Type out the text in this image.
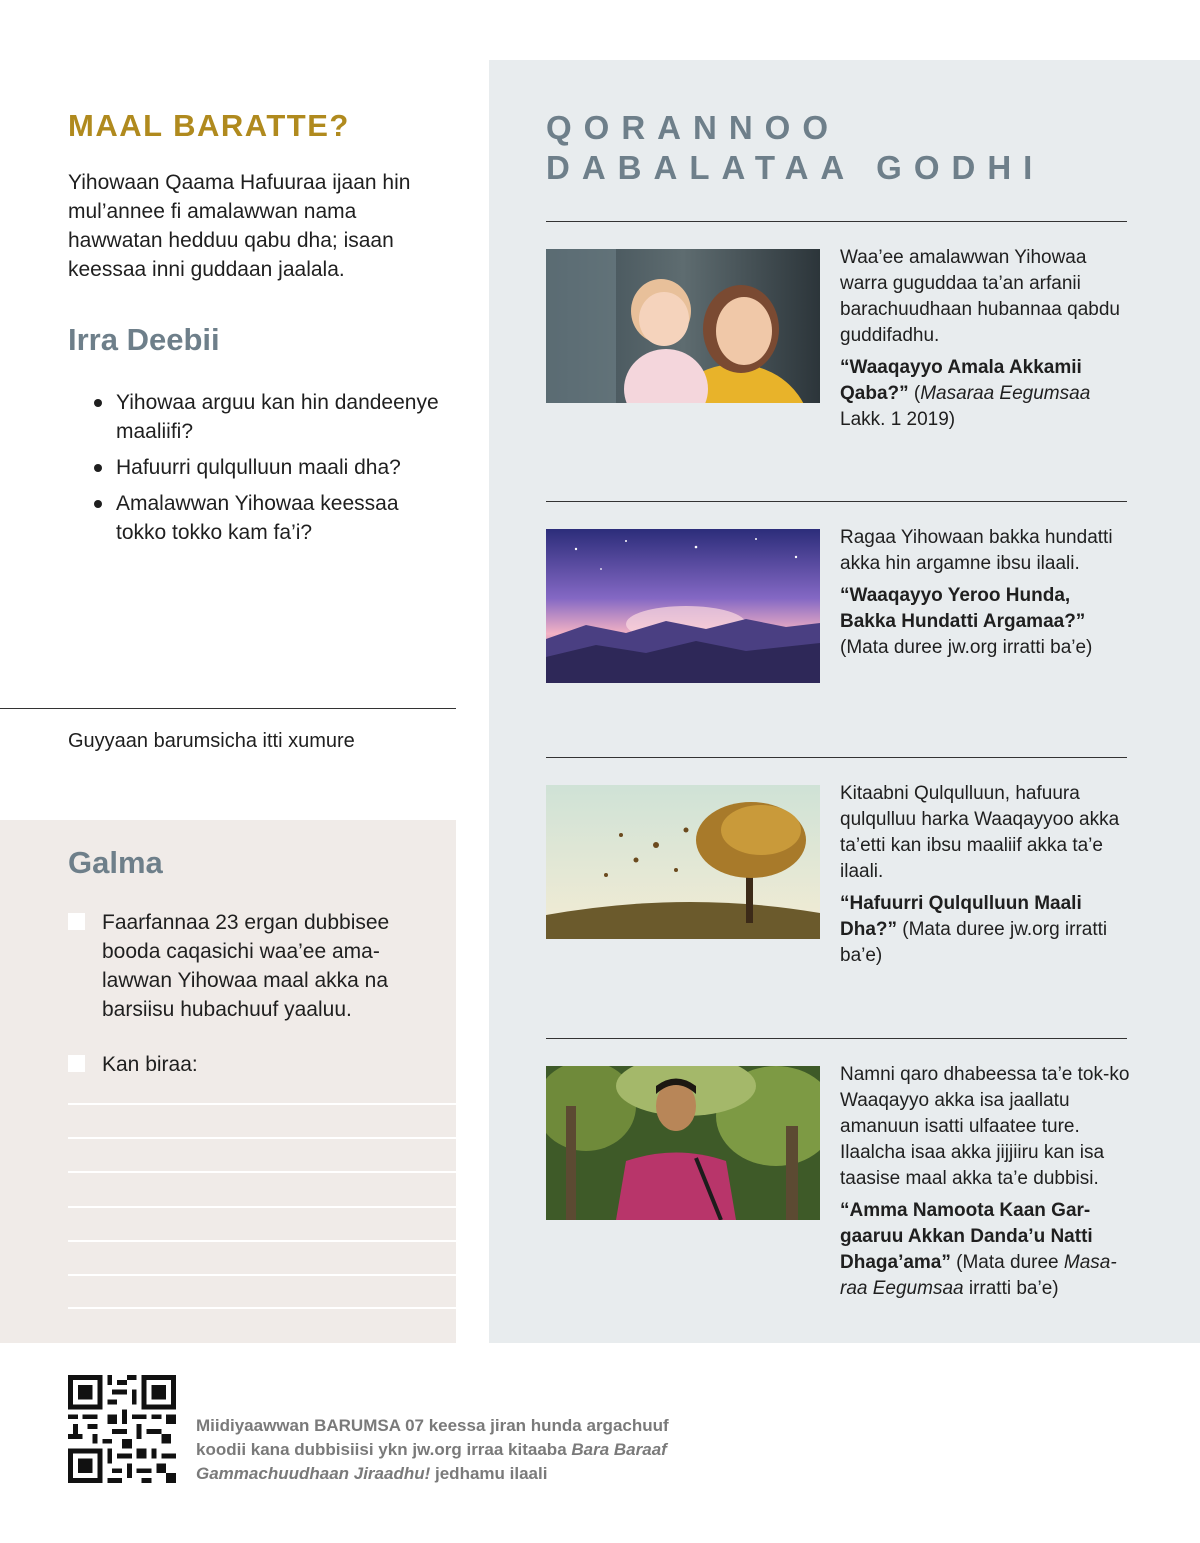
MAAL BARATTE?

Yihowaan Qaama Hafuuraa ijaan hin mul’annee fi amalawwan nama hawwatan hedduu qabu dha; isaan keessaa inni guddaan jaalala.

Irra Deebii
Yihowaa arguu kan hin dandeenye maaliifi?
Hafuurri qulqulluun maali dha?
Amalawwan Yihowaa keessaa tokko tokko kam fa’i?

Guyyaan barumsicha itti xumure

Galma
Faarfannaa 23 ergan dubbisee booda caqasichi waa’ee ama-lawwan Yihowaa maal akka na barsiisu hubachuuf yaaluu.
Kan biraa:
QORANNOO
DABALATAA GODHI
Waa’ee amalawwan Yihowaa warra guguddaa ta’an arfanii barachuudhaan hubannaa qabdu guddifadhu.
“Waaqayyo Amala Akkamii Qaba?” (Masaraa Eegumsaa Lakk. 1 2019)
Ragaa Yihowaan bakka hundatti akka hin argamne ibsu ilaali.
“Waaqayyo Yeroo Hunda, Bakka Hundatti Argamaa?” (Mata duree jw.org irratti ba’e)
Kitaabni Qulqulluun, hafuura qulqulluu harka Waaqayyoo akka ta’etti kan ibsu maaliif akka ta’e ilaali.
“Hafuurri Qulqulluun Maali Dha?” (Mata duree jw.org irratti ba’e)
Namni qaro dhabeessa ta’e tok-ko Waaqayyo akka isa jaallatu amanuun isatti ulfaatee ture. Ilaalcha isaa akka jijjiiru kan isa taasise maal akka ta’e dubbisi.
“Amma Namoota Kaan Gar-gaaruu Akkan Danda’u Natti Dhaga’ama” (Mata duree Masa-raa Eegumsaa irratti ba’e)

Miidiyaawwan BARUMSA 07 keessa jiran hunda argachuuf koodii kana dubbisiisi ykn jw.org irraa kitaaba Bara Baraaf Gammachuudhaan Jiraadhu! jedhamu ilaali
